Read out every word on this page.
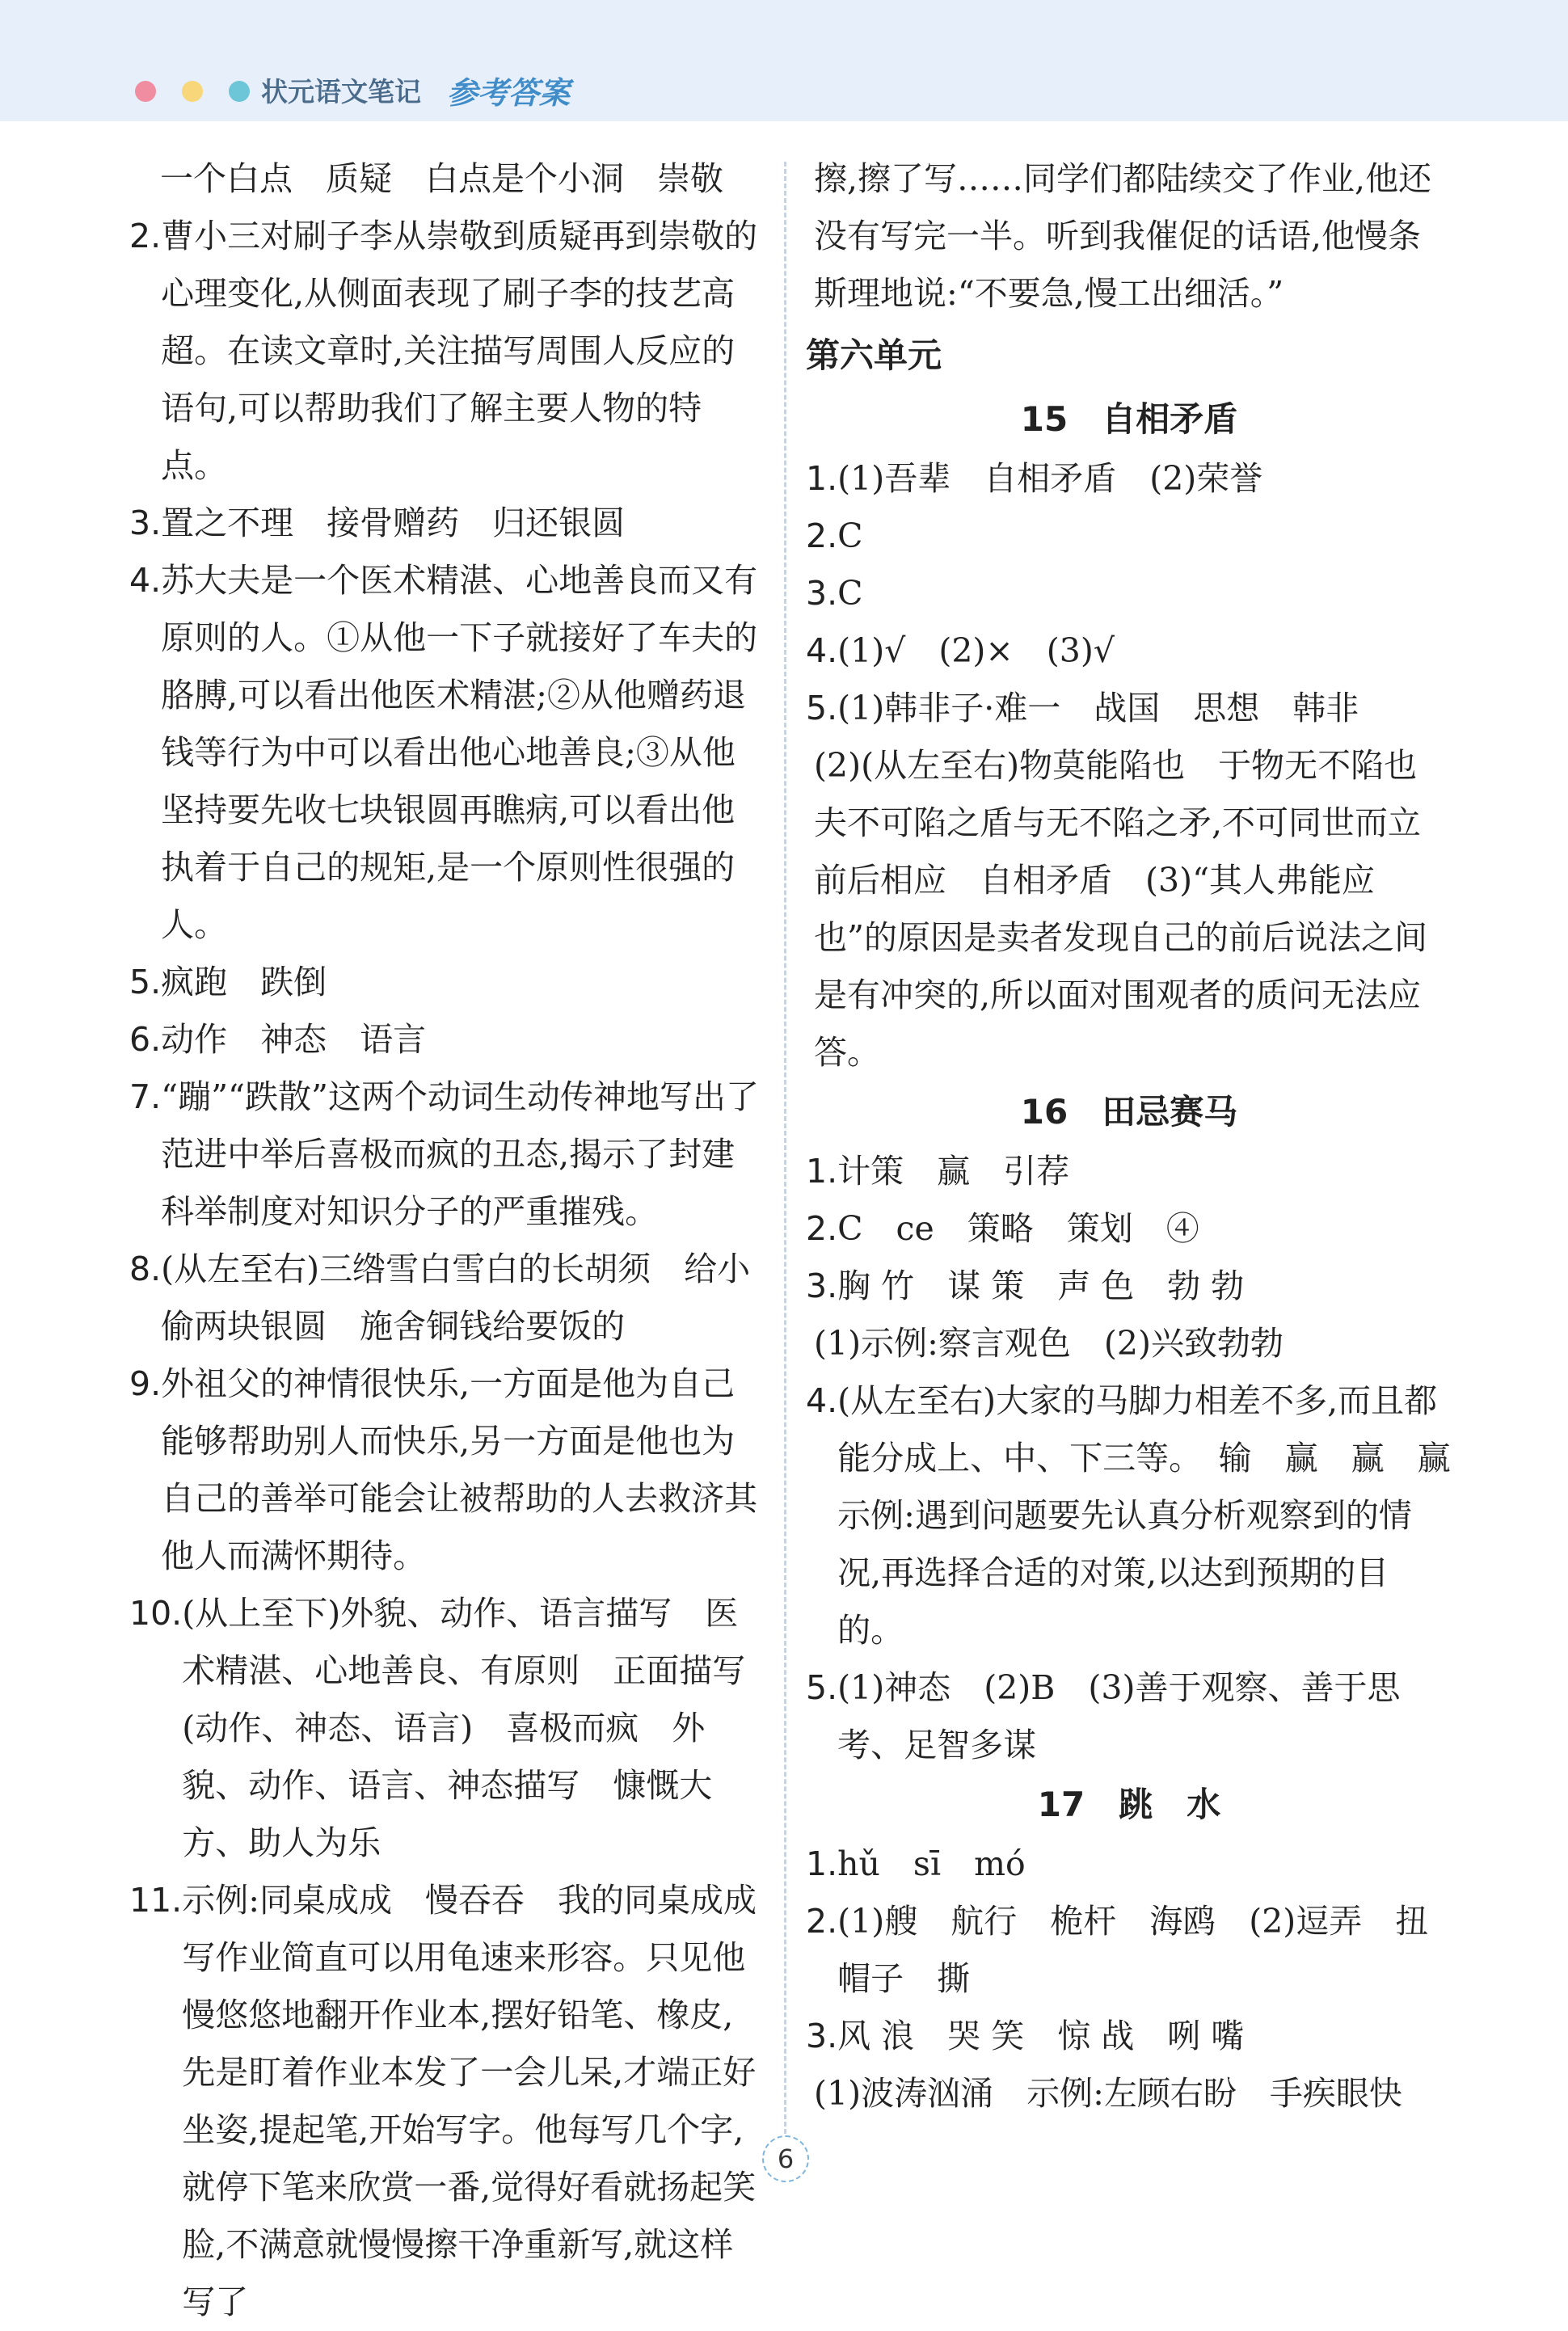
状元语文笔记 参考答案
一个白点　质疑　白点是个小洞　崇敬
2. 曹小三对刷子李从崇敬到质疑再到崇敬的心理变化,从侧面表现了刷子李的技艺高超。在读文章时,关注描写周围人反应的语句,可以帮助我们了解主要人物的特点。
3. 置之不理　接骨赠药　归还银圆
4. 苏大夫是一个医术精湛、心地善良而又有原则的人。①从他一下子就接好了车夫的胳膊,可以看出他医术精湛;②从他赠药退钱等行为中可以看出他心地善良;③从他坚持要先收七块银圆再瞧病,可以看出他执着于自己的规矩,是一个原则性很强的人。
5. 疯跑　跌倒
6. 动作　神态　语言
7. “蹦”“跌散”这两个动词生动传神地写出了范进中举后喜极而疯的丑态,揭示了封建科举制度对知识分子的严重摧残。
8. (从左至右)三绺雪白雪白的长胡须　给小偷两块银圆　施舍铜钱给要饭的
9. 外祖父的神情很快乐,一方面是他为自己能够帮助别人而快乐,另一方面是他也为自己的善举可能会让被帮助的人去救济其他人而满怀期待。
10. (从上至下)外貌、动作、语言描写　医术精湛、心地善良、有原则　正面描写(动作、神态、语言)　喜极而疯　外貌、动作、语言、神态描写　慷慨大方、助人为乐
11. 示例:同桌成成　慢吞吞　我的同桌成成写作业简直可以用龟速来形容。只见他慢悠悠地翻开作业本,摆好铅笔、橡皮,先是盯着作业本发了一会儿呆,才端正好坐姿,提起笔,开始写字。他每写几个字,就停下笔来欣赏一番,觉得好看就扬起笑脸,不满意就慢慢擦干净重新写,就这样写了
擦,擦了写……同学们都陆续交了作业,他还没有写完一半。听到我催促的话语,他慢条斯理地说:“不要急,慢工出细活。”
第六单元
15　自相矛盾
1. (1)吾辈　自相矛盾　(2)荣誉
2. C
3. C
4. (1)√　(2)×　(3)√
5. (1)韩非子·难一　战国　思想　韩非
(2)(从左至右)物莫能陷也　于物无不陷也　夫不可陷之盾与无不陷之矛,不可同世而立　前后相应　自相矛盾　(3)“其人弗能应也”的原因是卖者发现自己的前后说法之间是有冲突的,所以面对围观者的质问无法应答。
16　田忌赛马
1. 计策　赢　引荐
2. C　ce　策略　策划　④
3. 胸 竹　谋 策　声 色　勃 勃
(1)示例:察言观色　(2)兴致勃勃
4. (从左至右)大家的马脚力相差不多,而且都能分成上、中、下三等。　输　赢　赢　赢　示例:遇到问题要先认真分析观察到的情况,再选择合适的对策,以达到预期的目的。
5. (1)神态　(2)B　(3)善于观察、善于思考、足智多谋
17　跳　水
1. hǔ　sī　mó
2. (1)艘　航行　桅杆　海鸥　(2)逗弄　扭　帽子　撕
3. 风 浪　哭 笑　惊 战　咧 嘴
(1)波涛汹涌　示例:左顾右盼　手疾眼快
6
